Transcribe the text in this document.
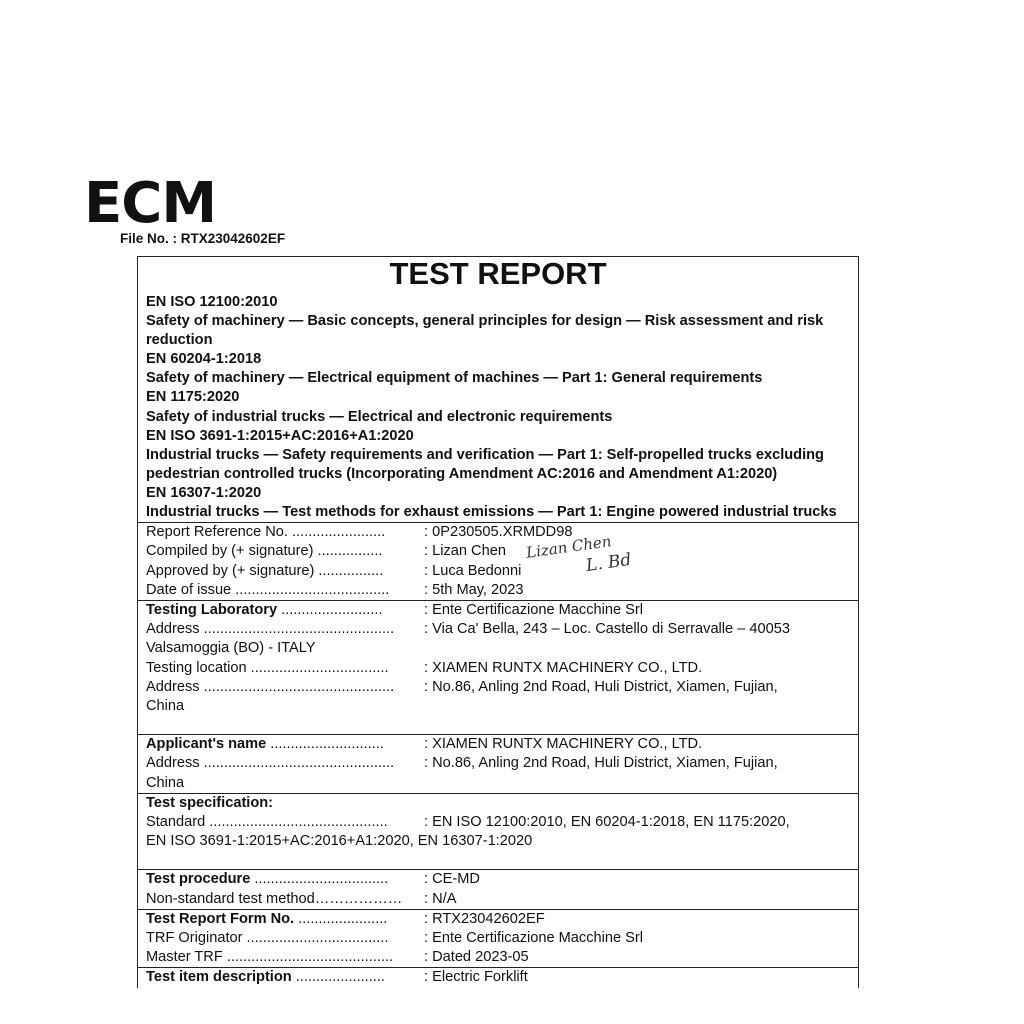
ECM
File No. : RTX23042602EF
TEST REPORT
EN ISO 12100:2010
Safety of machinery — Basic concepts, general principles for design — Risk assessment and risk reduction
EN 60204-1:2018
Safety of machinery — Electrical equipment of machines — Part 1: General requirements
EN 1175:2020
Safety of industrial trucks — Electrical and electronic requirements
EN ISO 3691-1:2015+AC:2016+A1:2020
Industrial trucks — Safety requirements and verification — Part 1: Self-propelled trucks excluding pedestrian controlled trucks (Incorporating Amendment AC:2016 and Amendment A1:2020)
EN 16307-1:2020
Industrial trucks — Test methods for exhaust emissions — Part 1: Engine powered industrial trucks
Report Reference No. .......................	: 0P230505.XRMDD98
Compiled by (+ signature) ................	: Lizan Chen Lizan Chen
Approved by (+ signature) ................	: Luca Bedonni	L. Bd
Date of issue ...................................... : 5th May, 2023
Testing Laboratory .........................	: Ente Certificazione Macchine Srl
Address ............................................... : Via Ca' Bella, 243 – Loc. Castello di Serravalle – 40053
Valsamoggia (BO) - ITALY
Testing location .................................. : XIAMEN RUNTX MACHINERY CO., LTD.
Address ............................................... : No.86, Anling 2nd Road, Huli District, Xiamen, Fujian,
China
Applicant's name ............................	: XIAMEN RUNTX MACHINERY CO., LTD.
Address ............................................... : No.86, Anling 2nd Road, Huli District, Xiamen, Fujian,
China
Test specification:
Standard ............................................ : EN ISO 12100:2010, EN 60204-1:2018, EN 1175:2020,
EN ISO 3691-1:2015+AC:2016+A1:2020, EN 16307-1:2020
Test procedure ................................. : CE-MD
Non-standard test method……………… : N/A
Test Report Form No. ......................	: RTX23042602EF
TRF Originator ................................... : Ente Certificazione Macchine Srl
Master TRF ......................................... : Dated 2023-05
Test item description ......................	: Electric Forklift
